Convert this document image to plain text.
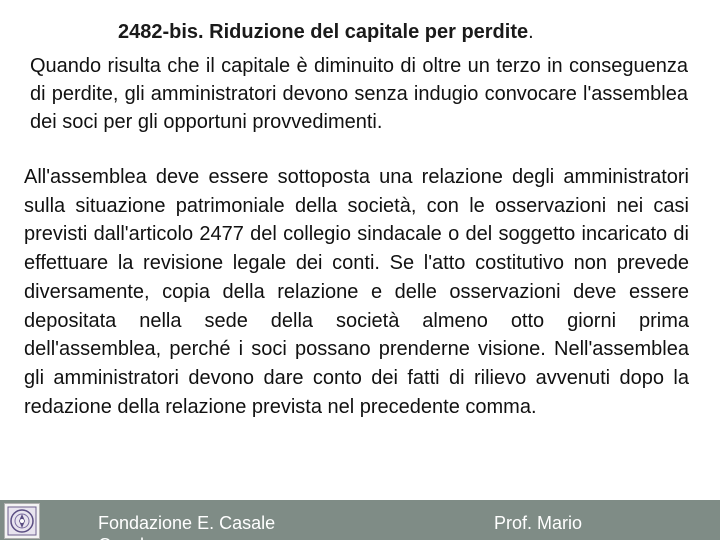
2482-bis. Riduzione del capitale per perdite.
Quando risulta che il capitale è diminuito di oltre un terzo in conseguenza di perdite, gli amministratori devono senza indugio convocare l'assemblea dei soci per gli opportuni provvedimenti.
All'assemblea deve essere sottoposta una relazione degli amministratori sulla situazione patrimoniale della società, con le osservazioni nei casi previsti dall'articolo 2477 del collegio sindacale o del soggetto incaricato di effettuare la revisione legale dei conti. Se l'atto costitutivo non prevede diversamente, copia della relazione e delle osservazioni deve essere depositata nella sede della società almeno otto giorni prima dell'assemblea, perché i soci possano prenderne visione. Nell'assemblea gli amministratori devono dare conto dei fatti di rilievo avvenuti dopo la redazione della relazione prevista nel precedente comma.
Fondazione E. Casale
Casale
Prof. Mario
